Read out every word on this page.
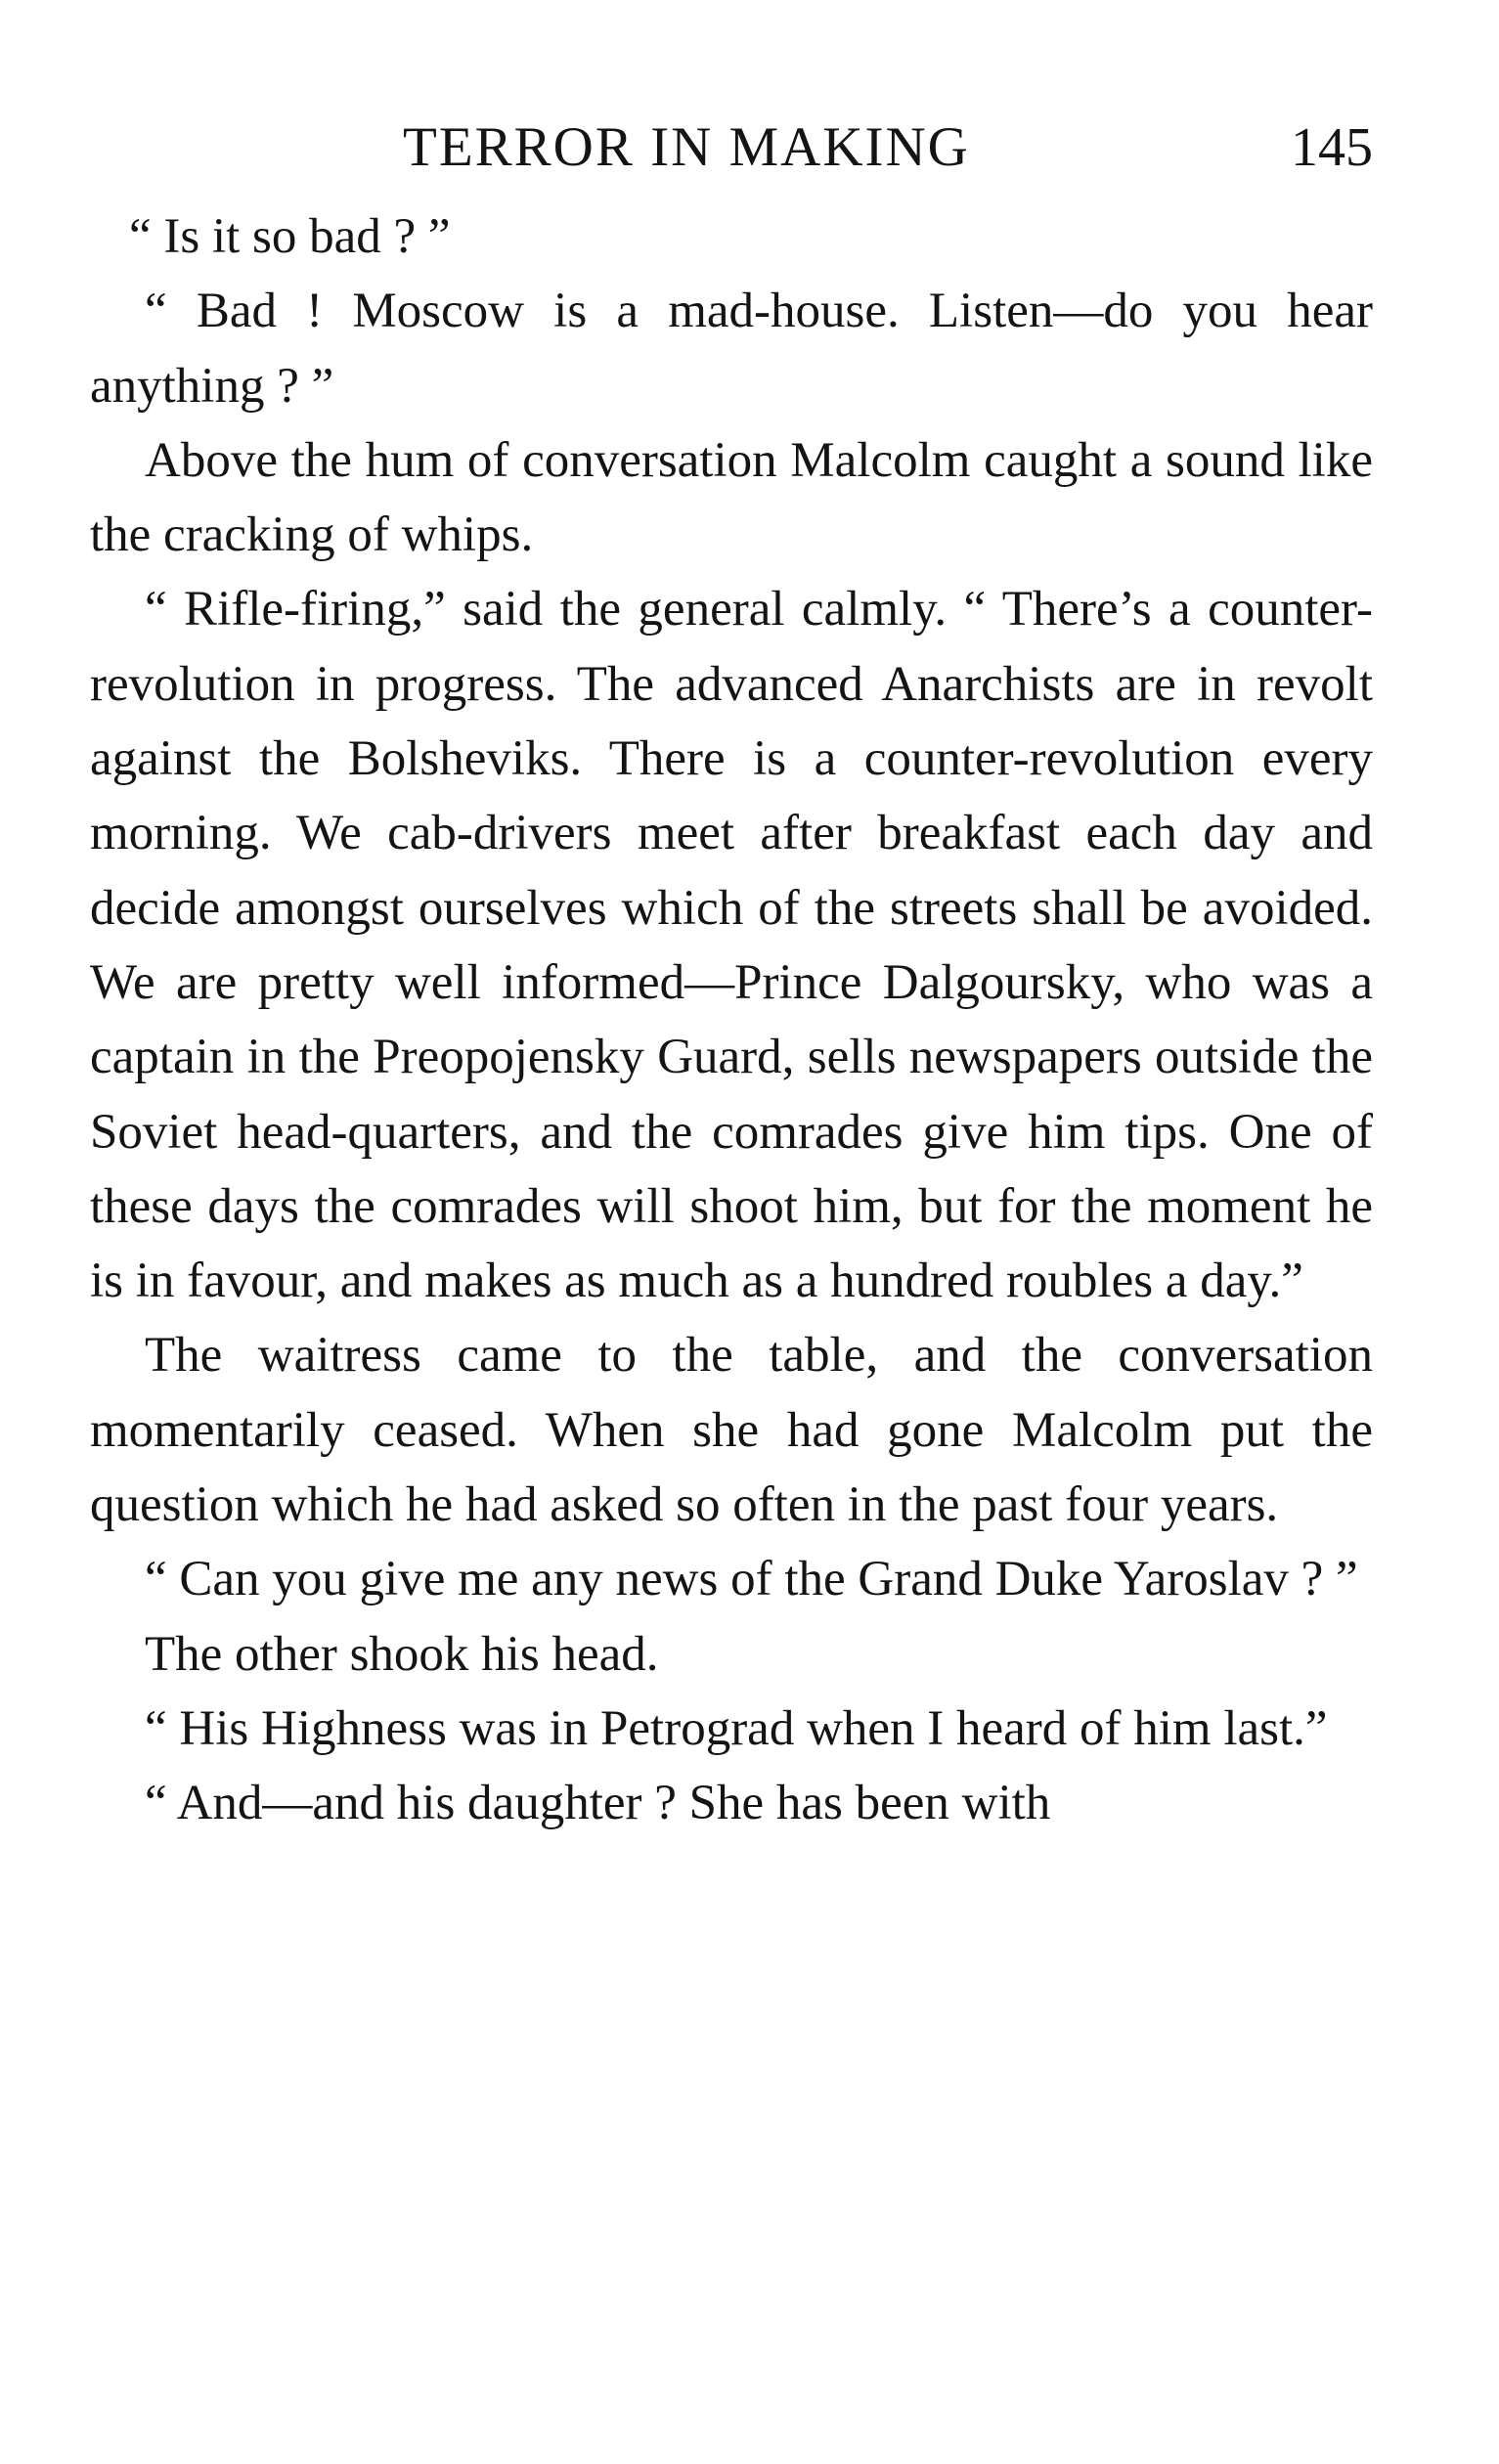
TERROR IN MAKING	145

“ Is it so bad ? ”

“ Bad ! Moscow is a mad-house. Listen—do you hear anything ? ”

Above the hum of conversation Malcolm caught a sound like the cracking of whips.

“ Rifle-firing,” said the general calmly. “ There’s a counter-revolution in progress. The advanced Anarchists are in revolt against the Bolsheviks. There is a counter-revolution every morning. We cab-drivers meet after breakfast each day and decide amongst ourselves which of the streets shall be avoided. We are pretty well informed—Prince Dalgoursky, who was a captain in the Preopojensky Guard, sells newspapers outside the Soviet head-quarters, and the comrades give him tips. One of these days the comrades will shoot him, but for the moment he is in favour, and makes as much as a hundred roubles a day.”

The waitress came to the table, and the conversation momentarily ceased. When she had gone Malcolm put the question which he had asked so often in the past four years.

“ Can you give me any news of the Grand Duke Yaroslav ? ”

The other shook his head.

“ His Highness was in Petrograd when I heard of him last.”

“ And—and his daughter ? She has been with
